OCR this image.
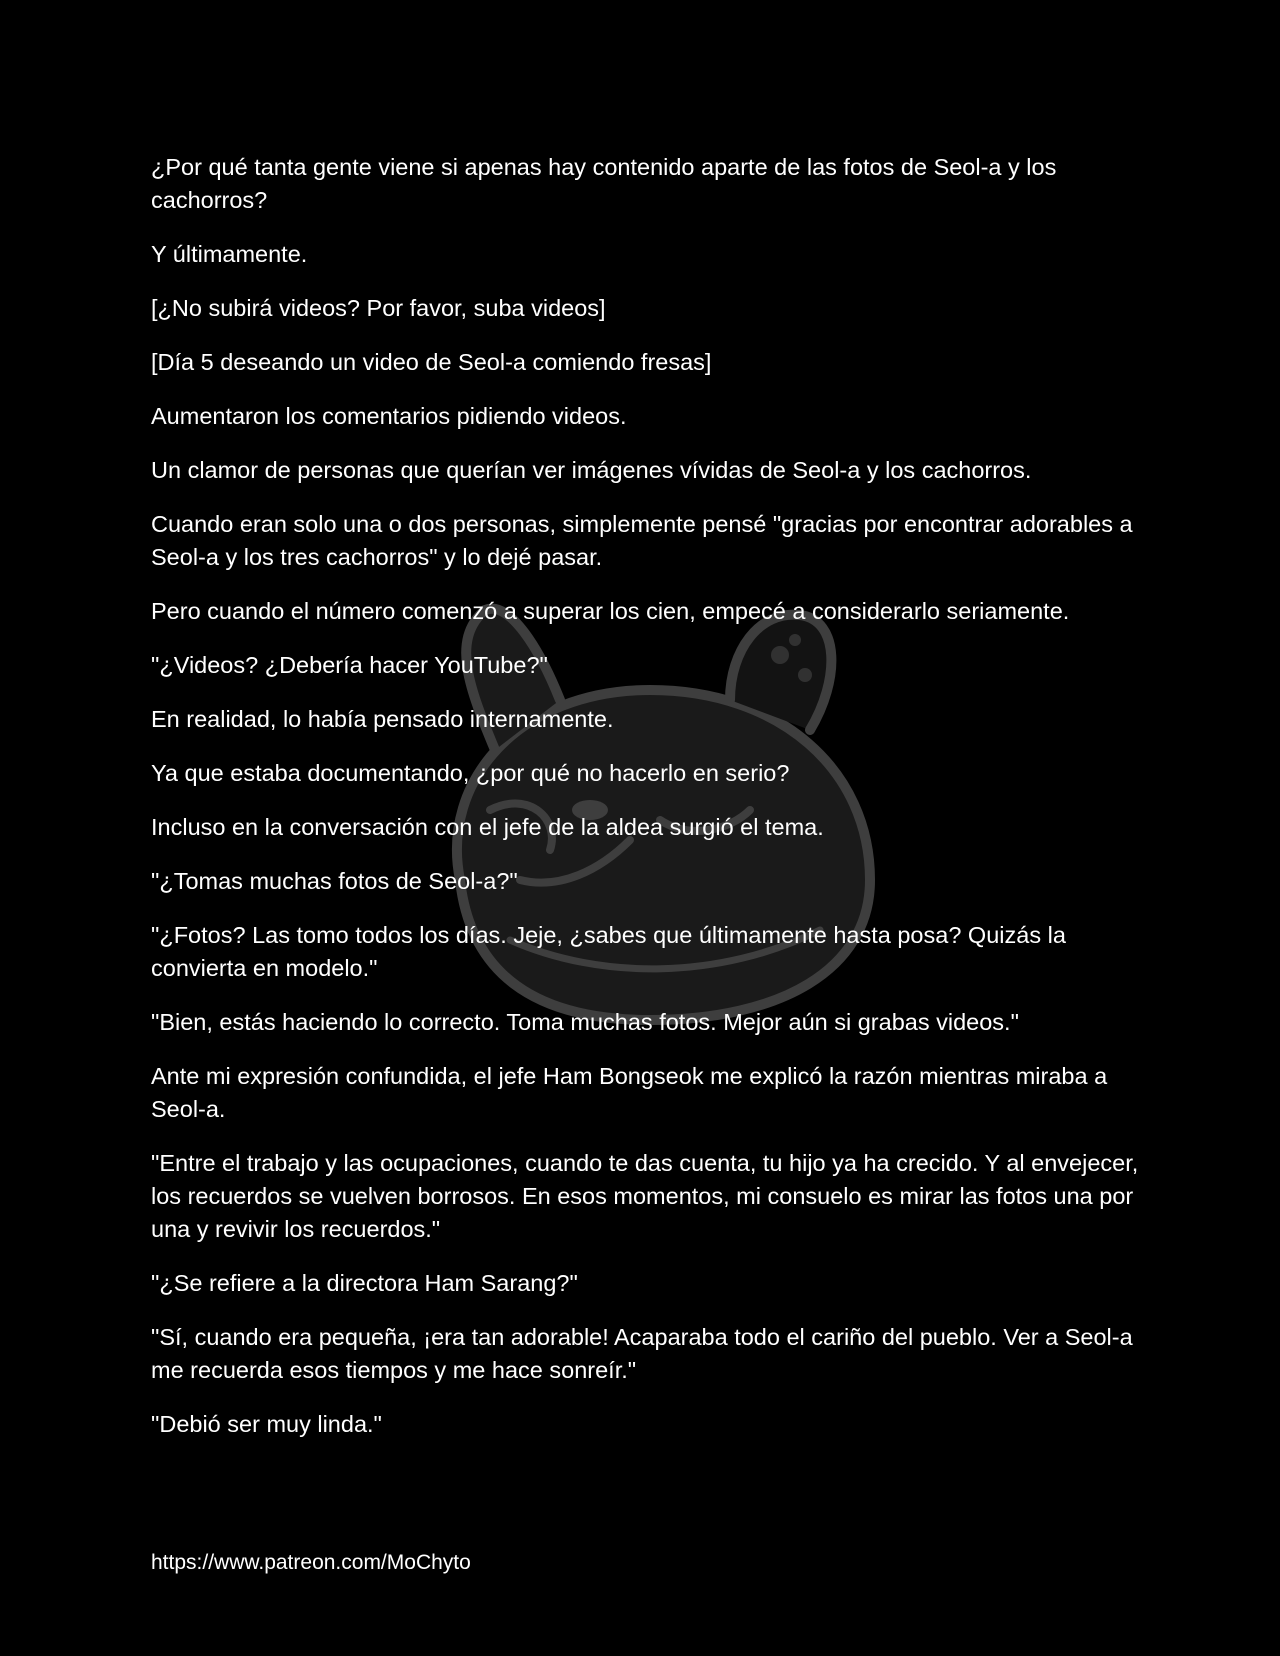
¿Por qué tanta gente viene si apenas hay contenido aparte de las fotos de Seol-a y los cachorros?

Y últimamente.

[¿No subirá videos? Por favor, suba videos]

[Día 5 deseando un video de Seol-a comiendo fresas]

Aumentaron los comentarios pidiendo videos.

Un clamor de personas que querían ver imágenes vívidas de Seol-a y los cachorros.

Cuando eran solo una o dos personas, simplemente pensé "gracias por encontrar adorables a Seol-a y los tres cachorros" y lo dejé pasar.

Pero cuando el número comenzó a superar los cien, empecé a considerarlo seriamente.

"¿Videos? ¿Debería hacer YouTube?"

En realidad, lo había pensado internamente.

Ya que estaba documentando, ¿por qué no hacerlo en serio?

Incluso en la conversación con el jefe de la aldea surgió el tema.

"¿Tomas muchas fotos de Seol-a?"

"¿Fotos? Las tomo todos los días. Jeje, ¿sabes que últimamente hasta posa? Quizás la convierta en modelo."

"Bien, estás haciendo lo correcto. Toma muchas fotos. Mejor aún si grabas videos."

Ante mi expresión confundida, el jefe Ham Bongseok me explicó la razón mientras miraba a Seol-a.

"Entre el trabajo y las ocupaciones, cuando te das cuenta, tu hijo ya ha crecido. Y al envejecer, los recuerdos se vuelven borrosos. En esos momentos, mi consuelo es mirar las fotos una por una y revivir los recuerdos."

"¿Se refiere a la directora Ham Sarang?"

"Sí, cuando era pequeña, ¡era tan adorable! Acaparaba todo el cariño del pueblo. Ver a Seol-a me recuerda esos tiempos y me hace sonreír."

"Debió ser muy linda."

https://www.patreon.com/MoChyto
